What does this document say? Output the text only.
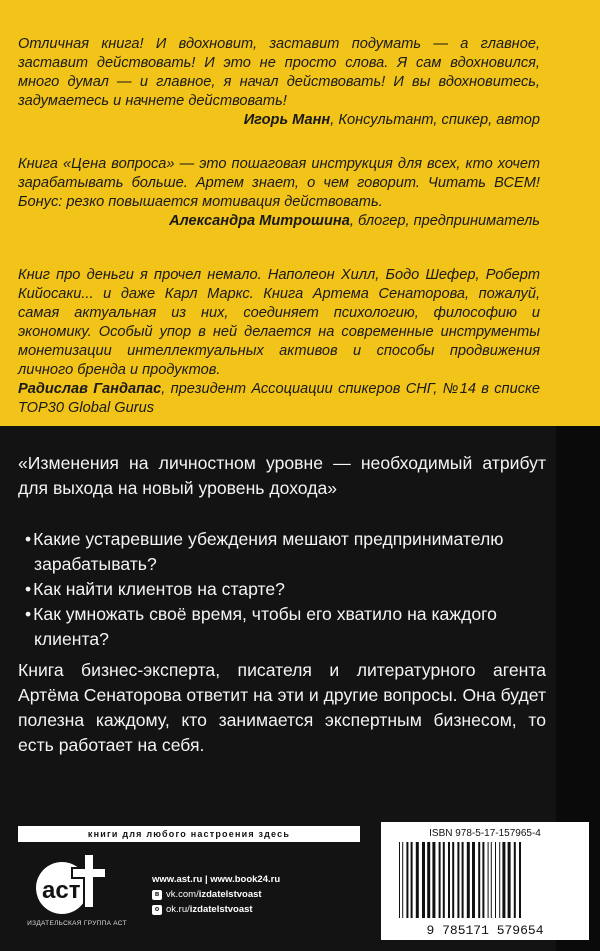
Отличная книга! И вдохновит, заставит подумать — а главное, заставит действовать! И это не просто слова. Я сам вдохновился, много думал — и главное, я начал действовать! И вы вдохновитесь, задумаетесь и начнете действовать!

Игорь Манн, Консультант, спикер, автор

Книга «Цена вопроса» — это пошаговая инструкция для всех, кто хочет зарабатывать больше. Артем знает, о чем говорит. Читать ВСЕМ! Бонус: резко повышается мотивация действовать.

Александра Митрошина, блогер, предприниматель

Книг про деньги я прочел немало. Наполеон Хилл, Бодо Шефер, Роберт Кийосаки... и даже Карл Маркс. Книга Артема Сенаторова, пожалуй, самая актуальная из них, соединяет психологию, философию и экономику. Особый упор в ней делается на современные инструменты монетизации интеллектуальных активов и способы продвижения личного бренда и продуктов.

Радислав Гандапас, президент Ассоциации спикеров СНГ, №14 в списке TOP30 Global Gurus

«Изменения на личностном уровне — необходимый атрибут для выхода на новый уровень дохода»

• Какие устаревшие убеждения мешают предпринимателю зарабатывать?
• Как найти клиентов на старте?
• Как умножать своё время, чтобы его хватило на каждого клиента?

Книга бизнес-эксперта, писателя и литературного агента Артёма Сенаторова ответит на эти и другие вопросы. Она будет полезна каждому, кто занимается экспертным бизнесом, то есть работает на себя.

книги для любого настроения здесь
аст
ИЗДАТЕЛЬСКАЯ ГРУППА АСТ
www.ast.ru | www.book24.ru
в vk.com/ izdatelstvoast
о ok.ru/ izdatelstvoast
ISBN 978-5-17-157965-4
9 785171 579654
